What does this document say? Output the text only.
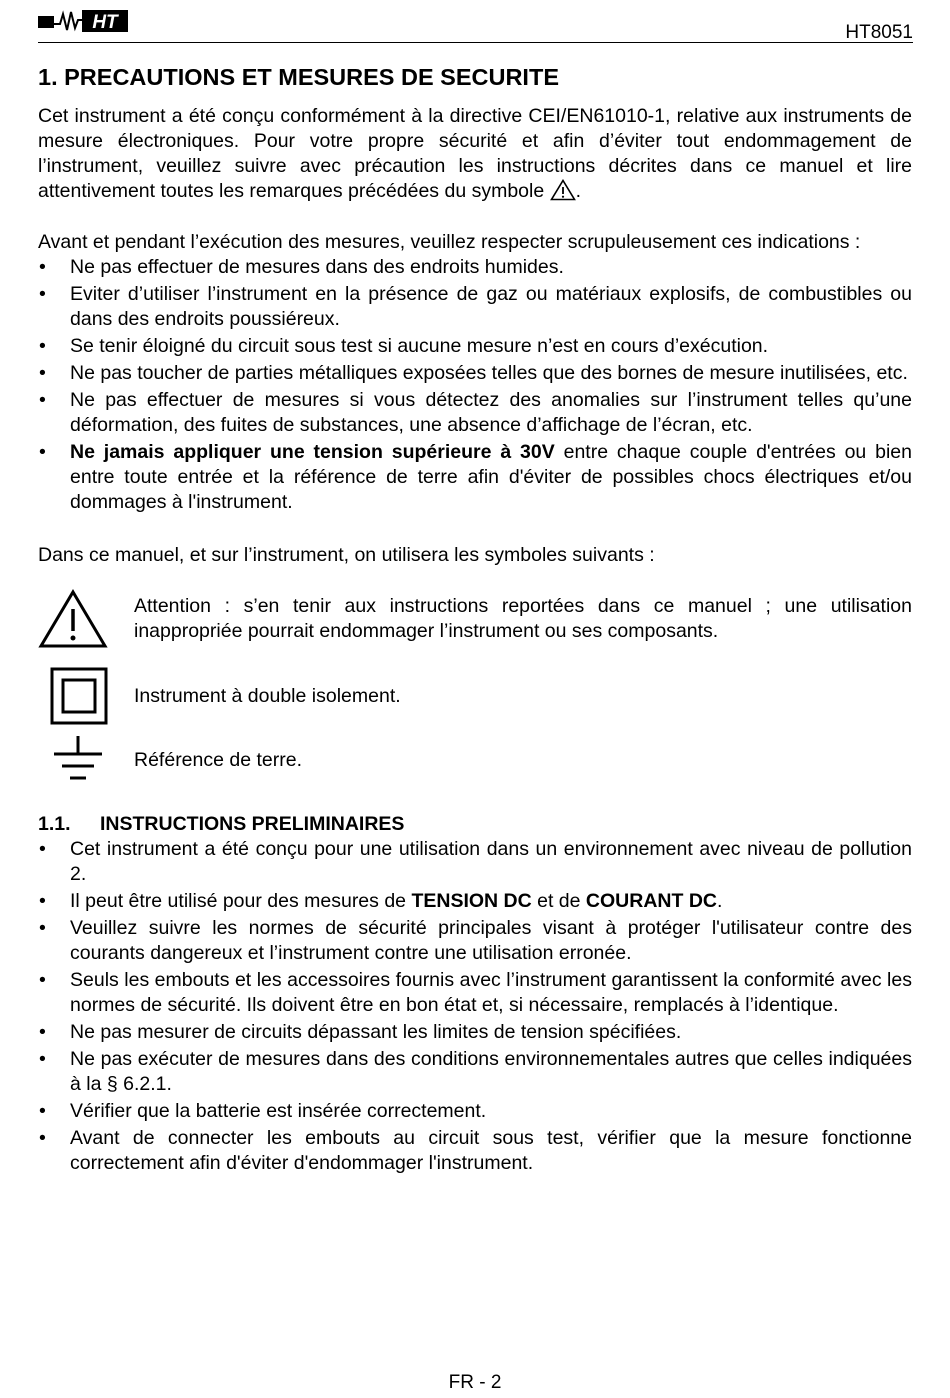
HT	HT8051
1. PRECAUTIONS ET MESURES DE SECURITE

Cet instrument a été conçu conformément à la directive CEI/EN61010-1, relative aux instruments de mesure électroniques. Pour votre propre sécurité et afin d’éviter tout endommagement de l’instrument, veuillez suivre avec précaution les instructions décrites dans ce manuel et lire attentivement toutes les remarques précédées du symbole .

Avant et pendant l’exécution des mesures, veuillez respecter scrupuleusement ces indications :

• Ne pas effectuer de mesures dans des endroits humides.
• Eviter d’utiliser l’instrument en la présence de gaz ou matériaux explosifs, de combustibles ou dans des endroits poussiéreux.
• Se tenir éloigné du circuit sous test si aucune mesure n’est en cours d’exécution.
• Ne pas toucher de parties métalliques exposées telles que des bornes de mesure inutilisées, etc.
• Ne pas effectuer de mesures si vous détectez des anomalies sur l’instrument telles qu’une déformation, des fuites de substances, une absence d’affichage de l’écran, etc.
• Ne jamais appliquer une tension supérieure à 30V entre chaque couple d'entrées ou bien entre toute entrée et la référence de terre afin d'éviter de possibles chocs électriques et/ou dommages à l'instrument.

Dans ce manuel, et sur l’instrument, on utilisera les symboles suivants :

Attention : s’en tenir aux instructions reportées dans ce manuel ; une utilisation inappropriée pourrait endommager l’instrument ou ses composants.
Instrument à double isolement.
Référence de terre.
1.1. INSTRUCTIONS PRELIMINAIRES
• Cet instrument a été conçu pour une utilisation dans un environnement avec niveau de pollution 2.
• Il peut être utilisé pour des mesures de TENSION DC et de COURANT DC.
• Veuillez suivre les normes de sécurité principales visant à protéger l'utilisateur contre des courants dangereux et l’instrument contre une utilisation erronée.
• Seuls les embouts et les accessoires fournis avec l’instrument garantissent la conformité avec les normes de sécurité. Ils doivent être en bon état et, si nécessaire, remplacés à l’identique.
• Ne pas mesurer de circuits dépassant les limites de tension spécifiées.
• Ne pas exécuter de mesures dans des conditions environnementales autres que celles indiquées à la § 6.2.1.
• Vérifier que la batterie est insérée correctement.
• Avant de connecter les embouts au circuit sous test, vérifier que la mesure fonctionne correctement afin d'éviter d'endommager l'instrument.
FR - 2
